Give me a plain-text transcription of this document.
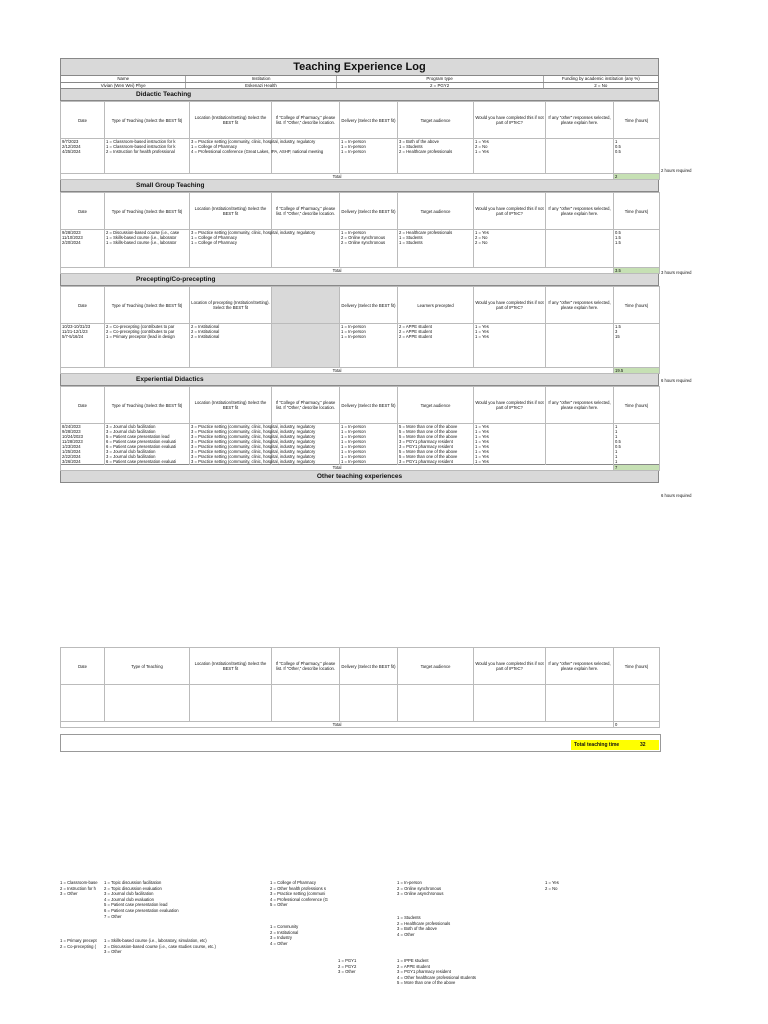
Teaching Experience Log
Name	Institution	Program type	Funding by academic institution (any %)
Vivian (Wen Wei) Phye	Eskenazi Health	2 = PGY2	2 = No
Didactic Teaching
Date	Type of Teaching (Select the BEST fit)	Location (Institution/Setting) Select the BEST fit	If "College of Pharmacy," please list. If "Other," describe location.	Delivery (Select the BEST fit)	Target audience	Would you have completed this if not part of IPTeC?	If any "other" responses selected, please explain here.	Time (hours)
9/7/2023	1 = Classroom-based instruction for k	3 = Practice setting (community, clinic, hospital, industry, regulatory		1 = In-person	3 = Both of the above	1 = Yes		1
2/12/2024	1 = Classroom-based instruction for k	1 = College of Pharmacy		1 = In-person	1 = Students	2 = No		0.5
4/25/2024	2 = Instruction for health professional	4 = Professional conference (Great Lakes, IPA, ASHP, national meeting		1 = In-person	2 = Healthcare professionals	1 = Yes		0.5

Total								2
Small Group Teaching
Date	Type of Teaching (Select the BEST fit)	Location (Institution/Setting) Select the BEST fit	If "College of Pharmacy," please list. If "Other," describe location.	Delivery (Select the BEST fit)	Target audience	Would you have completed this if not part of IPTeC?	If any "other" responses selected, please explain here.	Time (hours)
9/28/2023	2 = Discussion-based course (i.e., case	3 = Practice setting (community, clinic, hospital, industry, regulatory		1 = In-person	2 = Healthcare professionals	1 = Yes		0.5
11/10/2023	1 = Skills-based course (i.e., laborator	1 = College of Pharmacy		2 = Online synchronous	1 = Students	2 = No		1.5
2/20/2024	1 = Skills-based course (i.e., laborator	1 = College of Pharmacy		2 = Online synchronous	1 = Students	2 = No		1.5

Total								3.5
Precepting/Co-precepting
Date	Type of Teaching (Select the BEST fit)	Location of precepting (Institution/Setting). Select the BEST fit		Delivery (Select the BEST fit)	Learners precepted	Would you have completed this if not part of IPTeC?	If any "other" responses selected, please explain here.	Time (hours)
10/23-10/31/23	2 = Co-precepting (contributes to par	2 = Institutional		1 = In-person	2 = APPE student	1 = Yes		1.5
11/21-12/1/23	2 = Co-precepting (contributes to par	2 = Institutional		1 = In-person	2 = APPE student	1 = Yes		3
5/7-5/16/24	1 = Primary preceptor (lead in design	2 = Institutional		1 = In-person	2 = APPE student	1 = Yes		15

Total								19.5
Experiential Didactics
Date	Type of Teaching (Select the BEST fit)	Location (Institution/Setting) Select the BEST fit	If "College of Pharmacy," please list. If "Other," describe location.	Delivery (Select the BEST fit)	Target audience	Would you have completed this if not part of IPTeC?	If any "other" responses selected, please explain here.	Time (hours)
8/24/2023	3 = Journal club facilitation	3 = Practice setting (community, clinic, hospital, industry, regulatory		1 = In-person	5 = More than one of the above	1 = Yes		1
9/28/2023	3 = Journal club facilitation	3 = Practice setting (community, clinic, hospital, industry, regulatory		1 = In-person	5 = More than one of the above	1 = Yes		1
10/24/2023	5 = Patient case presentation lead	3 = Practice setting (community, clinic, hospital, industry, regulatory		1 = In-person	5 = More than one of the above	1 = Yes		1
11/28/2023	6 = Patient case presentation evaluati	3 = Practice setting (community, clinic, hospital, industry, regulatory		1 = In-person	3 = PGY1 pharmacy resident	1 = Yes		0.5
1/23/2024	6 = Patient case presentation evaluati	3 = Practice setting (community, clinic, hospital, industry, regulatory		1 = In-person	3 = PGY1 pharmacy resident	1 = Yes		0.5
1/25/2024	3 = Journal club facilitation	3 = Practice setting (community, clinic, hospital, industry, regulatory		1 = In-person	5 = More than one of the above	1 = Yes		1
2/22/2024	3 = Journal club facilitation	3 = Practice setting (community, clinic, hospital, industry, regulatory		1 = In-person	5 = More than one of the above	1 = Yes		1
3/26/2024	6 = Patient case presentation evaluati	3 = Practice setting (community, clinic, hospital, industry, regulatory		1 = In-person	3 = PGY1 pharmacy resident	1 = Yes		1
Total								7
Other teaching experiences
Date	Type of Teaching	Location (Institution/Setting) Select the BEST fit	If "College of Pharmacy," please list. If "Other," describe location.	Delivery (Select the BEST fit)	Target audience	Would you have completed this if not part of IPTeC?	If any "other" responses selected, please explain here.	Time (hours)

Total								0
Total teaching time	32
2 hours required
3 hours required
6 hours required
6 hours required
1 = Classroom-base
2 = Instruction for h
3 = Other
1 = Topic discussion facilitation
2 = Topic discussion evaluation
3 = Journal club facilitation
4 = Journal club evaluation
5 = Patient case presentation lead
6 = Patient case presentation evaluation
7 = Other
1 = Primary precept
2 = Co-precepting (
1 = Skills-based course (i.e., laboratory, simulation, etc)
2 = Discussion-based course (i.e., case studies course, etc.)
3 = Other
1 = College of Pharmacy
2 = Other health professions s
3 = Practice setting (communi
4 = Professional conference (G
5 = Other
1 = Community
2 = Institutional
3 = Industry
4 = Other
1 = In-person
2 = Online synchronous
3 = Online asynchronous
1 = Students
2 = Healthcare professionals
3 = Both of the above
4 = Other
1 = PGY1
2 = PGY2
3 = Other
1 = IPPE student
2 = APPE student
3 = PGY1 pharmacy resident
4 = Other healthcare professional students
5 = More than one of the above
1 = Yes
2 = No
